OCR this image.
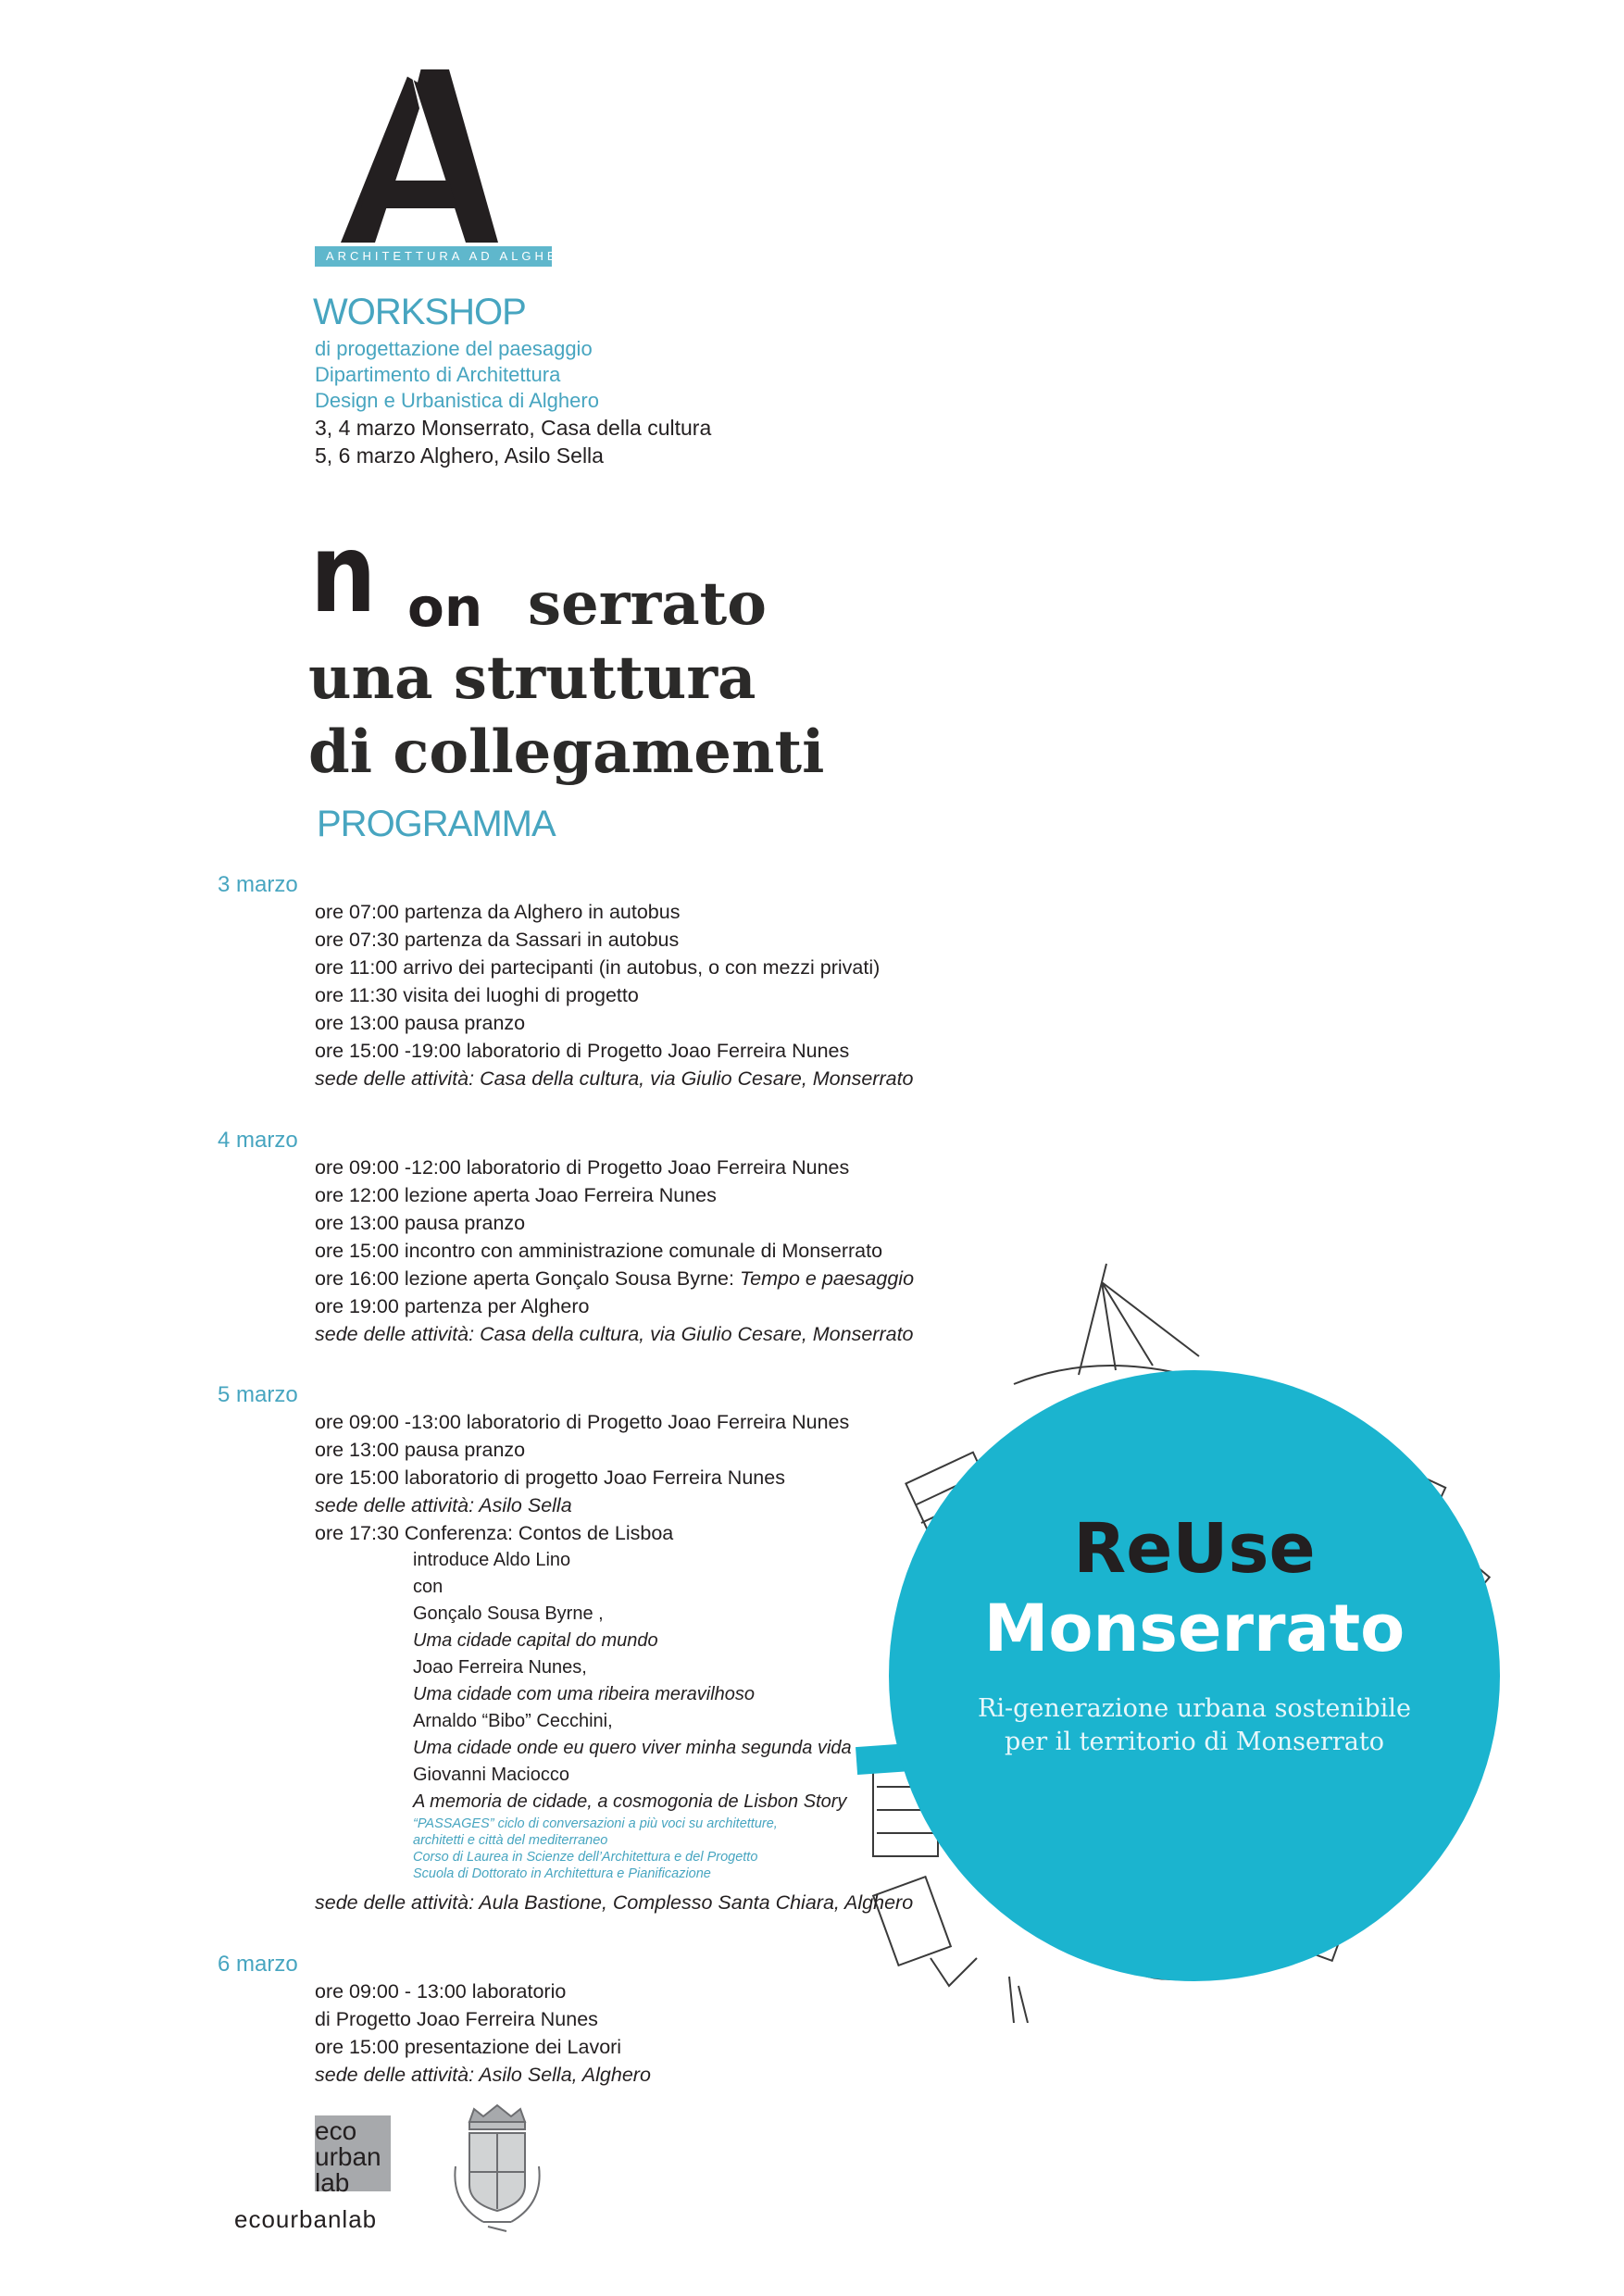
ARCHITETTURA AD ALGHERO
WORKSHOP
di progettazione del paesaggio
Dipartimento di Architettura
Design e Urbanistica di Alghero
3, 4 marzo Monserrato, Casa della cultura
5, 6 marzo Alghero, Asilo Sella
n on serrato
una struttura
di collegamenti
PROGRAMMA
ReUse
Monserrato
Ri-generazione urbana sostenibile
per il territorio di Monserrato
3 marzo
ore 07:00 partenza da Alghero in autobus
ore 07:30 partenza da Sassari in autobus
ore 11:00 arrivo dei partecipanti (in autobus, o con mezzi privati)
ore 11:30 visita dei luoghi di progetto
ore 13:00 pausa pranzo
ore 15:00 -19:00 laboratorio di Progetto Joao Ferreira Nunes
sede delle attività: Casa della cultura, via Giulio Cesare, Monserrato
4 marzo
ore 09:00 -12:00 laboratorio di Progetto Joao Ferreira Nunes
ore 12:00 lezione aperta Joao Ferreira Nunes
ore 13:00 pausa pranzo
ore 15:00 incontro con amministrazione comunale di Monserrato
ore 16:00 lezione aperta Gonçalo Sousa Byrne: Tempo e paesaggio
ore 19:00 partenza per Alghero
sede delle attività: Casa della cultura, via Giulio Cesare, Monserrato
5 marzo
ore 09:00 -13:00 laboratorio di Progetto Joao Ferreira Nunes
ore 13:00 pausa pranzo
ore 15:00 laboratorio di progetto Joao Ferreira Nunes
sede delle attività: Asilo Sella
ore 17:30 Conferenza: Contos de Lisboa
introduce Aldo Lino
con
Gonçalo Sousa Byrne ,
Uma cidade capital do mundo
Joao Ferreira Nunes,
Uma cidade com uma ribeira meravilhoso
Arnaldo “Bibo” Cecchini,
Uma cidade onde eu quero viver minha segunda vida
Giovanni Maciocco
A memoria de cidade, a cosmogonia de Lisbon Story
“PASSAGES” ciclo di conversazioni a più voci su architetture,
architetti e città del mediterraneo
Corso di Laurea in Scienze dell’Architettura e del Progetto
Scuola di Dottorato in Architettura e Pianificazione
sede delle attività: Aula Bastione, Complesso Santa Chiara, Alghero
6 marzo
ore 09:00 - 13:00 laboratorio
di Progetto Joao Ferreira Nunes
ore 15:00 presentazione dei Lavori
sede delle attività: Asilo Sella, Alghero
eco
urban
lab
ecourbanlab
